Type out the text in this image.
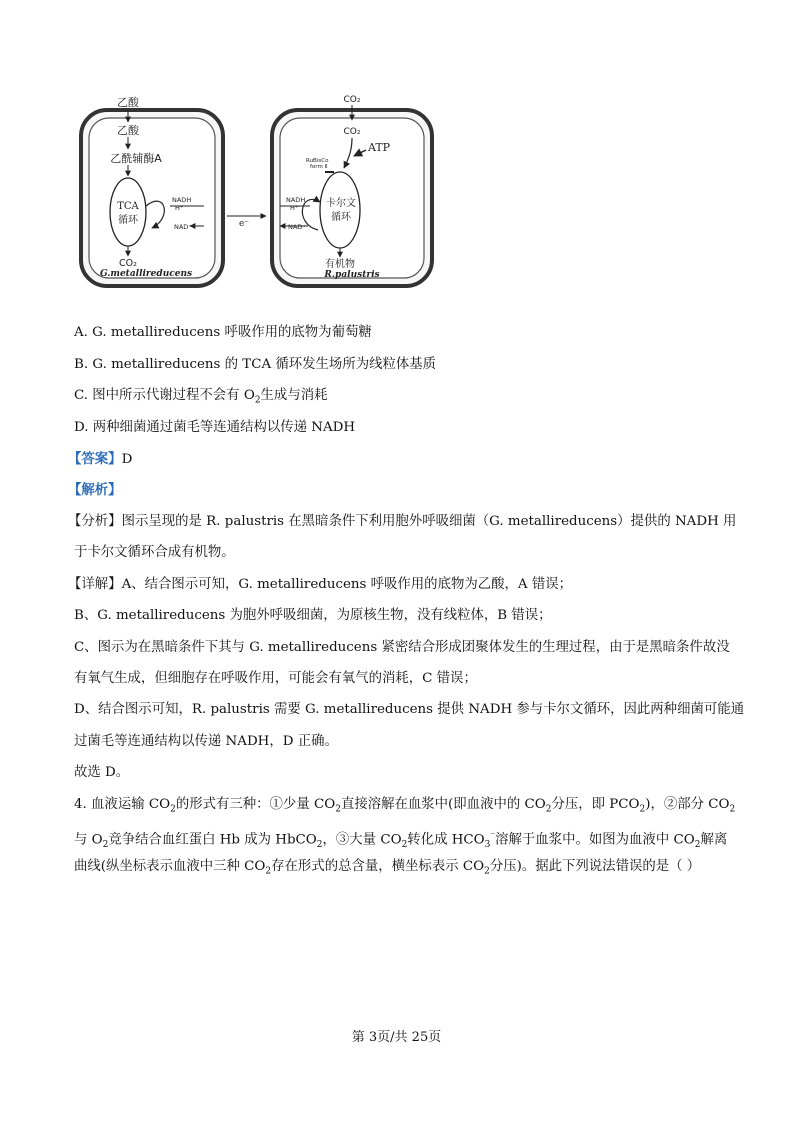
乙酸
乙酸
乙酰辅酶A
TCA
循环
NADH
H⁺
NAD⁺
CO₂
G.metallireducens
e⁻
CO₂
CO₂
ATP
RuBisCo
form Ⅱ
卡尔文
循环
NADH
H⁺
NAD⁺
有机物
R.palustris
A. G. metallireducens 呼吸作用的底物为葡萄糖
B. G. metallireducens 的 TCA 循环发生场所为线粒体基质
C. 图中所示代谢过程不会有 $O_2$生成与消耗
D. 两种细菌通过菌毛等连通结构以传递 NADH
【答案】D
【解析】
【分析】图示呈现的是 R. palustris 在黑暗条件下利用胞外呼吸细菌（G. metallireducens）提供的 NADH 用
于卡尔文循环合成有机物。
【详解】A、结合图示可知，G. metallireducens 呼吸作用的底物为乙酸，A 错误；
B、G. metallireducens 为胞外呼吸细菌，为原核生物，没有线粒体，B 错误；
C、图示为在黑暗条件下其与 G. metallireducens 紧密结合形成团聚体发生的生理过程，由于是黑暗条件故没
有氧气生成，但细胞存在呼吸作用，可能会有氧气的消耗，C 错误；
D、结合图示可知，R. palustris 需要 G. metallireducens 提供 NADH 参与卡尔文循环，因此两种细菌可能通
过菌毛等连通结构以传递 NADH，D 正确。
故选 D。
4. 血液运输 $CO_2$的形式有三种：①少量 $CO_2$直接溶解在血浆中(即血液中的 $CO_2$分压，即 $PCO_2$)，②部分 $CO_2$
与 $O_2$竞争结合血红蛋白 Hb 成为 HbCO$_2$，③大量 $CO_2$转化成 $HCO_3^{^-}$溶解于血浆中。如图为血液中 $CO_2$解离
曲线(纵坐标表示血液中三种 $CO_2$存在形式的总含量，横坐标表示 $CO_2$分压)。据此下列说法错误的是（ ）
第 3页/共 25页
